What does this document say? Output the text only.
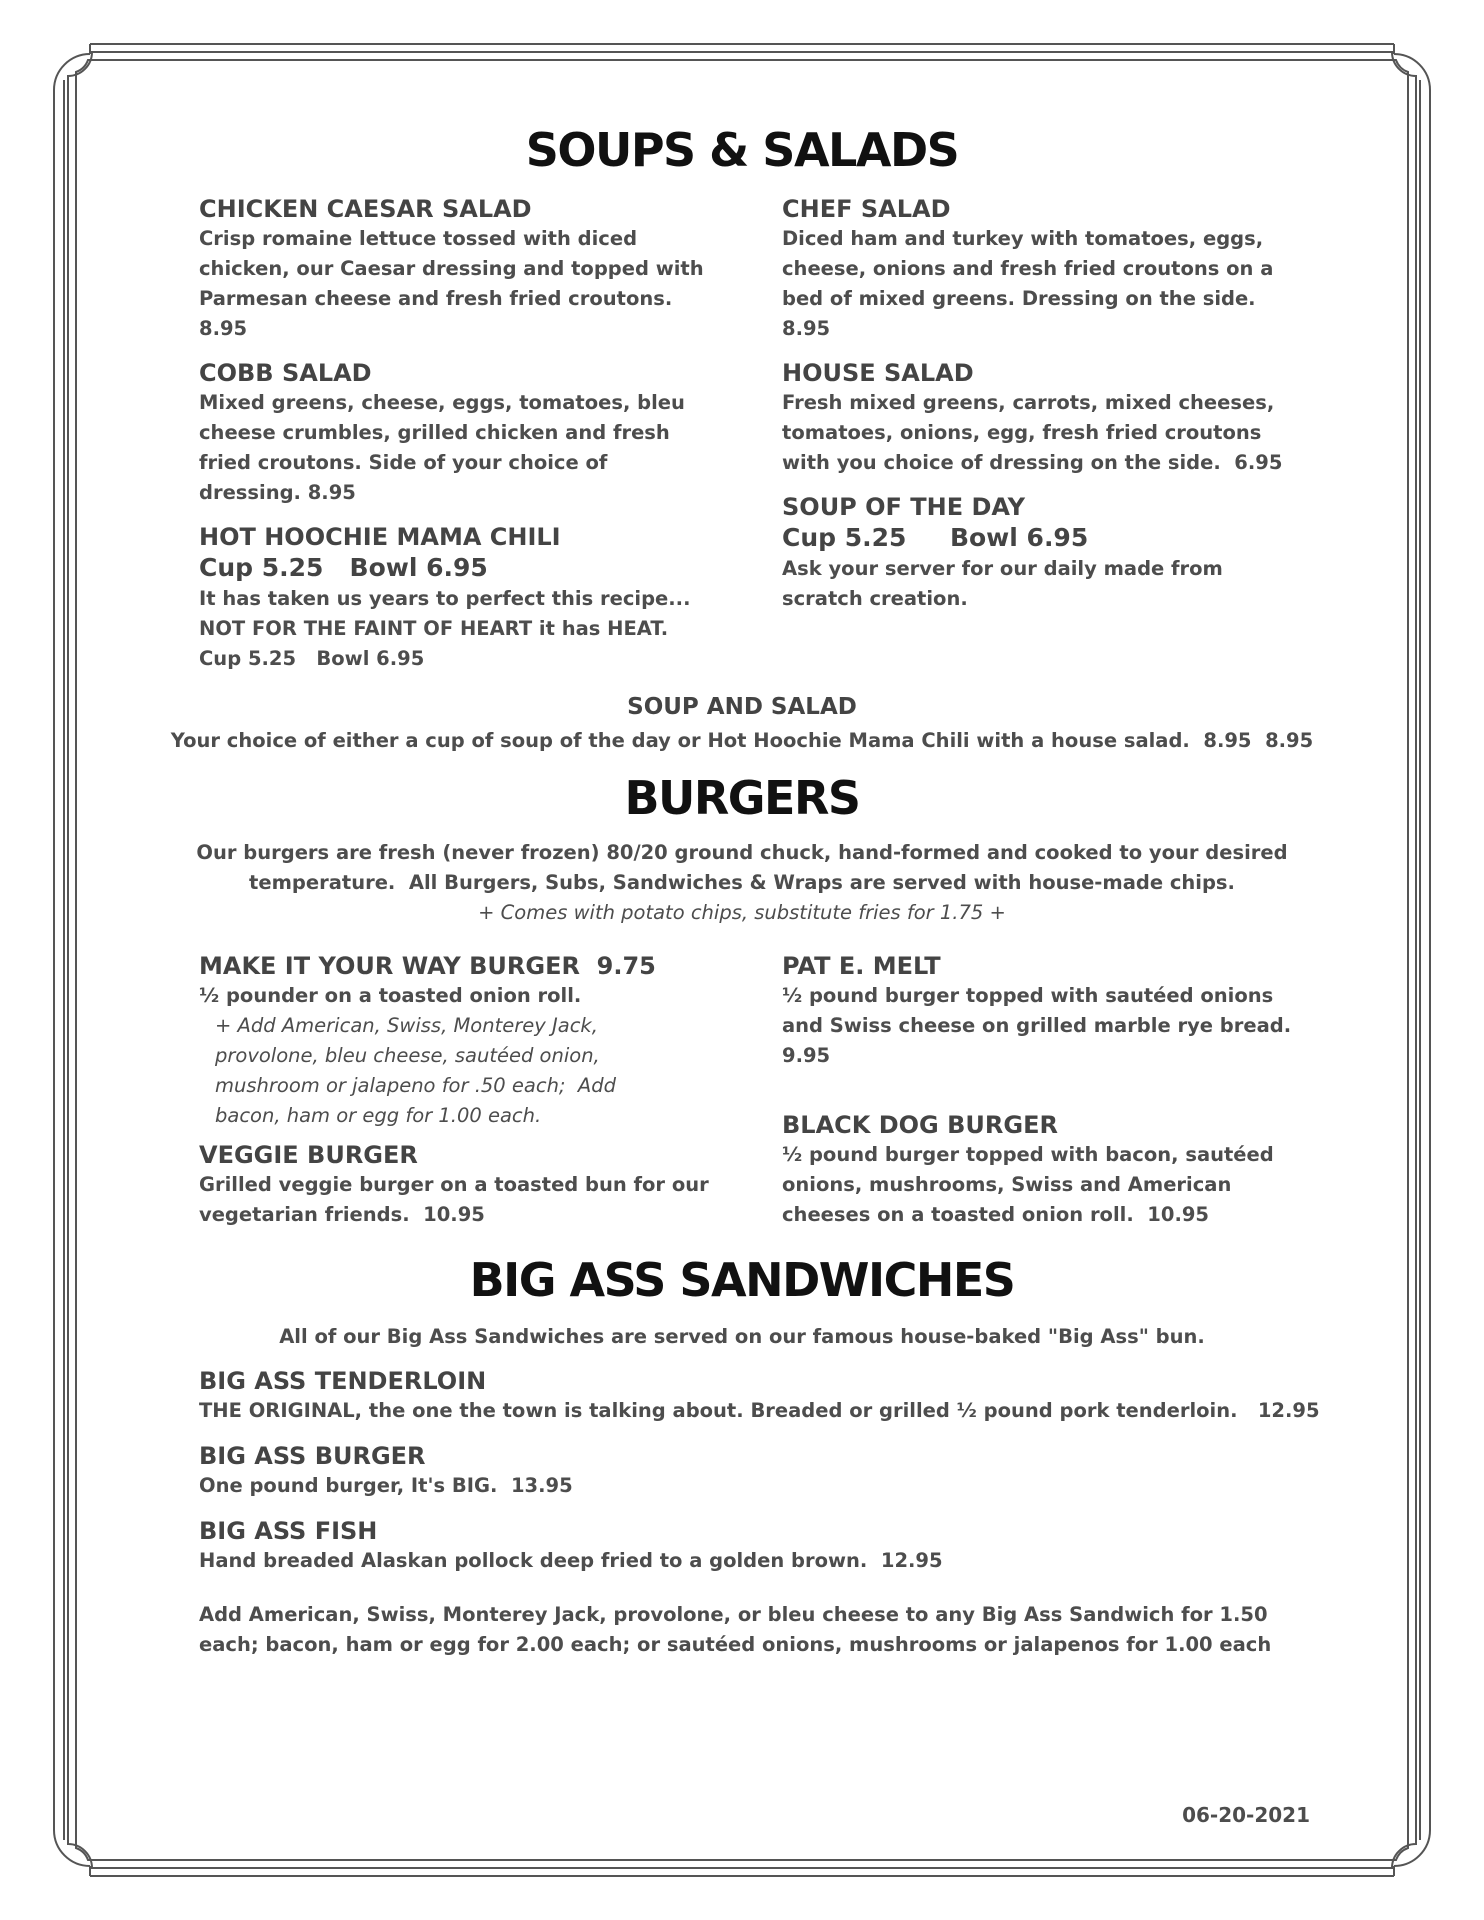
SOUPS & SALADS
CHICKEN CAESAR SALAD
Crisp romaine lettuce tossed with diced
chicken, our Caesar dressing and topped with
Parmesan cheese and fresh fried croutons.
8.95
COBB SALAD
Mixed greens, cheese, eggs, tomatoes, bleu
cheese crumbles, grilled chicken and fresh
fried croutons. Side of your choice of
dressing. 8.95
HOT HOOCHIE MAMA CHILI
Cup 5.25   Bowl 6.95
It has taken us years to perfect this recipe...
NOT FOR THE FAINT OF HEART it has HEAT.
Cup 5.25   Bowl 6.95
CHEF SALAD
Diced ham and turkey with tomatoes, eggs,
cheese, onions and fresh fried croutons on a
bed of mixed greens. Dressing on the side.
8.95
HOUSE SALAD
Fresh mixed greens, carrots, mixed cheeses,
tomatoes, onions, egg, fresh fried croutons
with you choice of dressing on the side.  6.95
SOUP OF THE DAY
Cup 5.25     Bowl 6.95
Ask your server for our daily made from
scratch creation.
SOUP AND SALAD
Your choice of either a cup of soup of the day or Hot Hoochie Mama Chili with a house salad.  8.95  8.95
BURGERS
Our burgers are fresh (never frozen) 80/20 ground chuck, hand-formed and cooked to your desired
temperature.  All Burgers, Subs, Sandwiches & Wraps are served with house-made chips.
+ Comes with potato chips, substitute fries for 1.75 +
MAKE IT YOUR WAY BURGER  9.75
½ pounder on a toasted onion roll.
+ Add American, Swiss, Monterey Jack,
provolone, bleu cheese, sautéed onion,
mushroom or jalapeno for .50 each;  Add
bacon, ham or egg for 1.00 each.
VEGGIE BURGER
Grilled veggie burger on a toasted bun for our
vegetarian friends.  10.95
PAT E. MELT
½ pound burger topped with sautéed onions
and Swiss cheese on grilled marble rye bread.
9.95
BLACK DOG BURGER
½ pound burger topped with bacon, sautéed
onions, mushrooms, Swiss and American
cheeses on a toasted onion roll.  10.95
BIG ASS SANDWICHES
All of our Big Ass Sandwiches are served on our famous house-baked "Big Ass" bun.
BIG ASS TENDERLOIN
THE ORIGINAL, the one the town is talking about. Breaded or grilled ½ pound pork tenderloin.   12.95
BIG ASS BURGER
One pound burger, It's BIG.  13.95
BIG ASS FISH
Hand breaded Alaskan pollock deep fried to a golden brown.  12.95
Add American, Swiss, Monterey Jack, provolone, or bleu cheese to any Big Ass Sandwich for 1.50
each; bacon, ham or egg for 2.00 each; or sautéed onions, mushrooms or jalapenos for 1.00 each
06-20-2021
